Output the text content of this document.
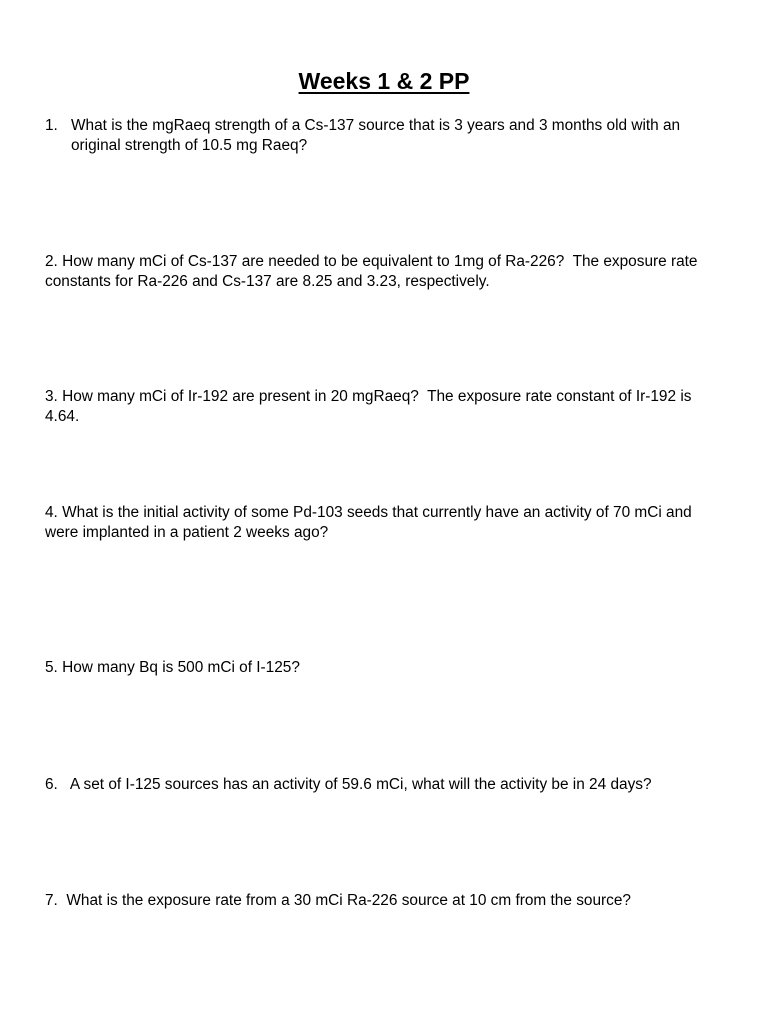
Weeks 1 & 2 PP
1. What is the mgRaeq strength of a Cs-137 source that is 3 years and 3 months old with an original strength of 10.5 mg Raeq?

2. How many mCi of Cs-137 are needed to be equivalent to 1mg of Ra-226?  The exposure rate constants for Ra-226 and Cs-137 are 8.25 and 3.23, respectively.

3. How many mCi of Ir-192 are present in 20 mgRaeq?  The exposure rate constant of Ir-192 is 4.64.

4. What is the initial activity of some Pd-103 seeds that currently have an activity of 70 mCi and were implanted in a patient 2 weeks ago?

5. How many Bq is 500 mCi of I-125?

6.   A set of I-125 sources has an activity of 59.6 mCi, what will the activity be in 24 days?

7.  What is the exposure rate from a 30 mCi Ra-226 source at 10 cm from the source?
